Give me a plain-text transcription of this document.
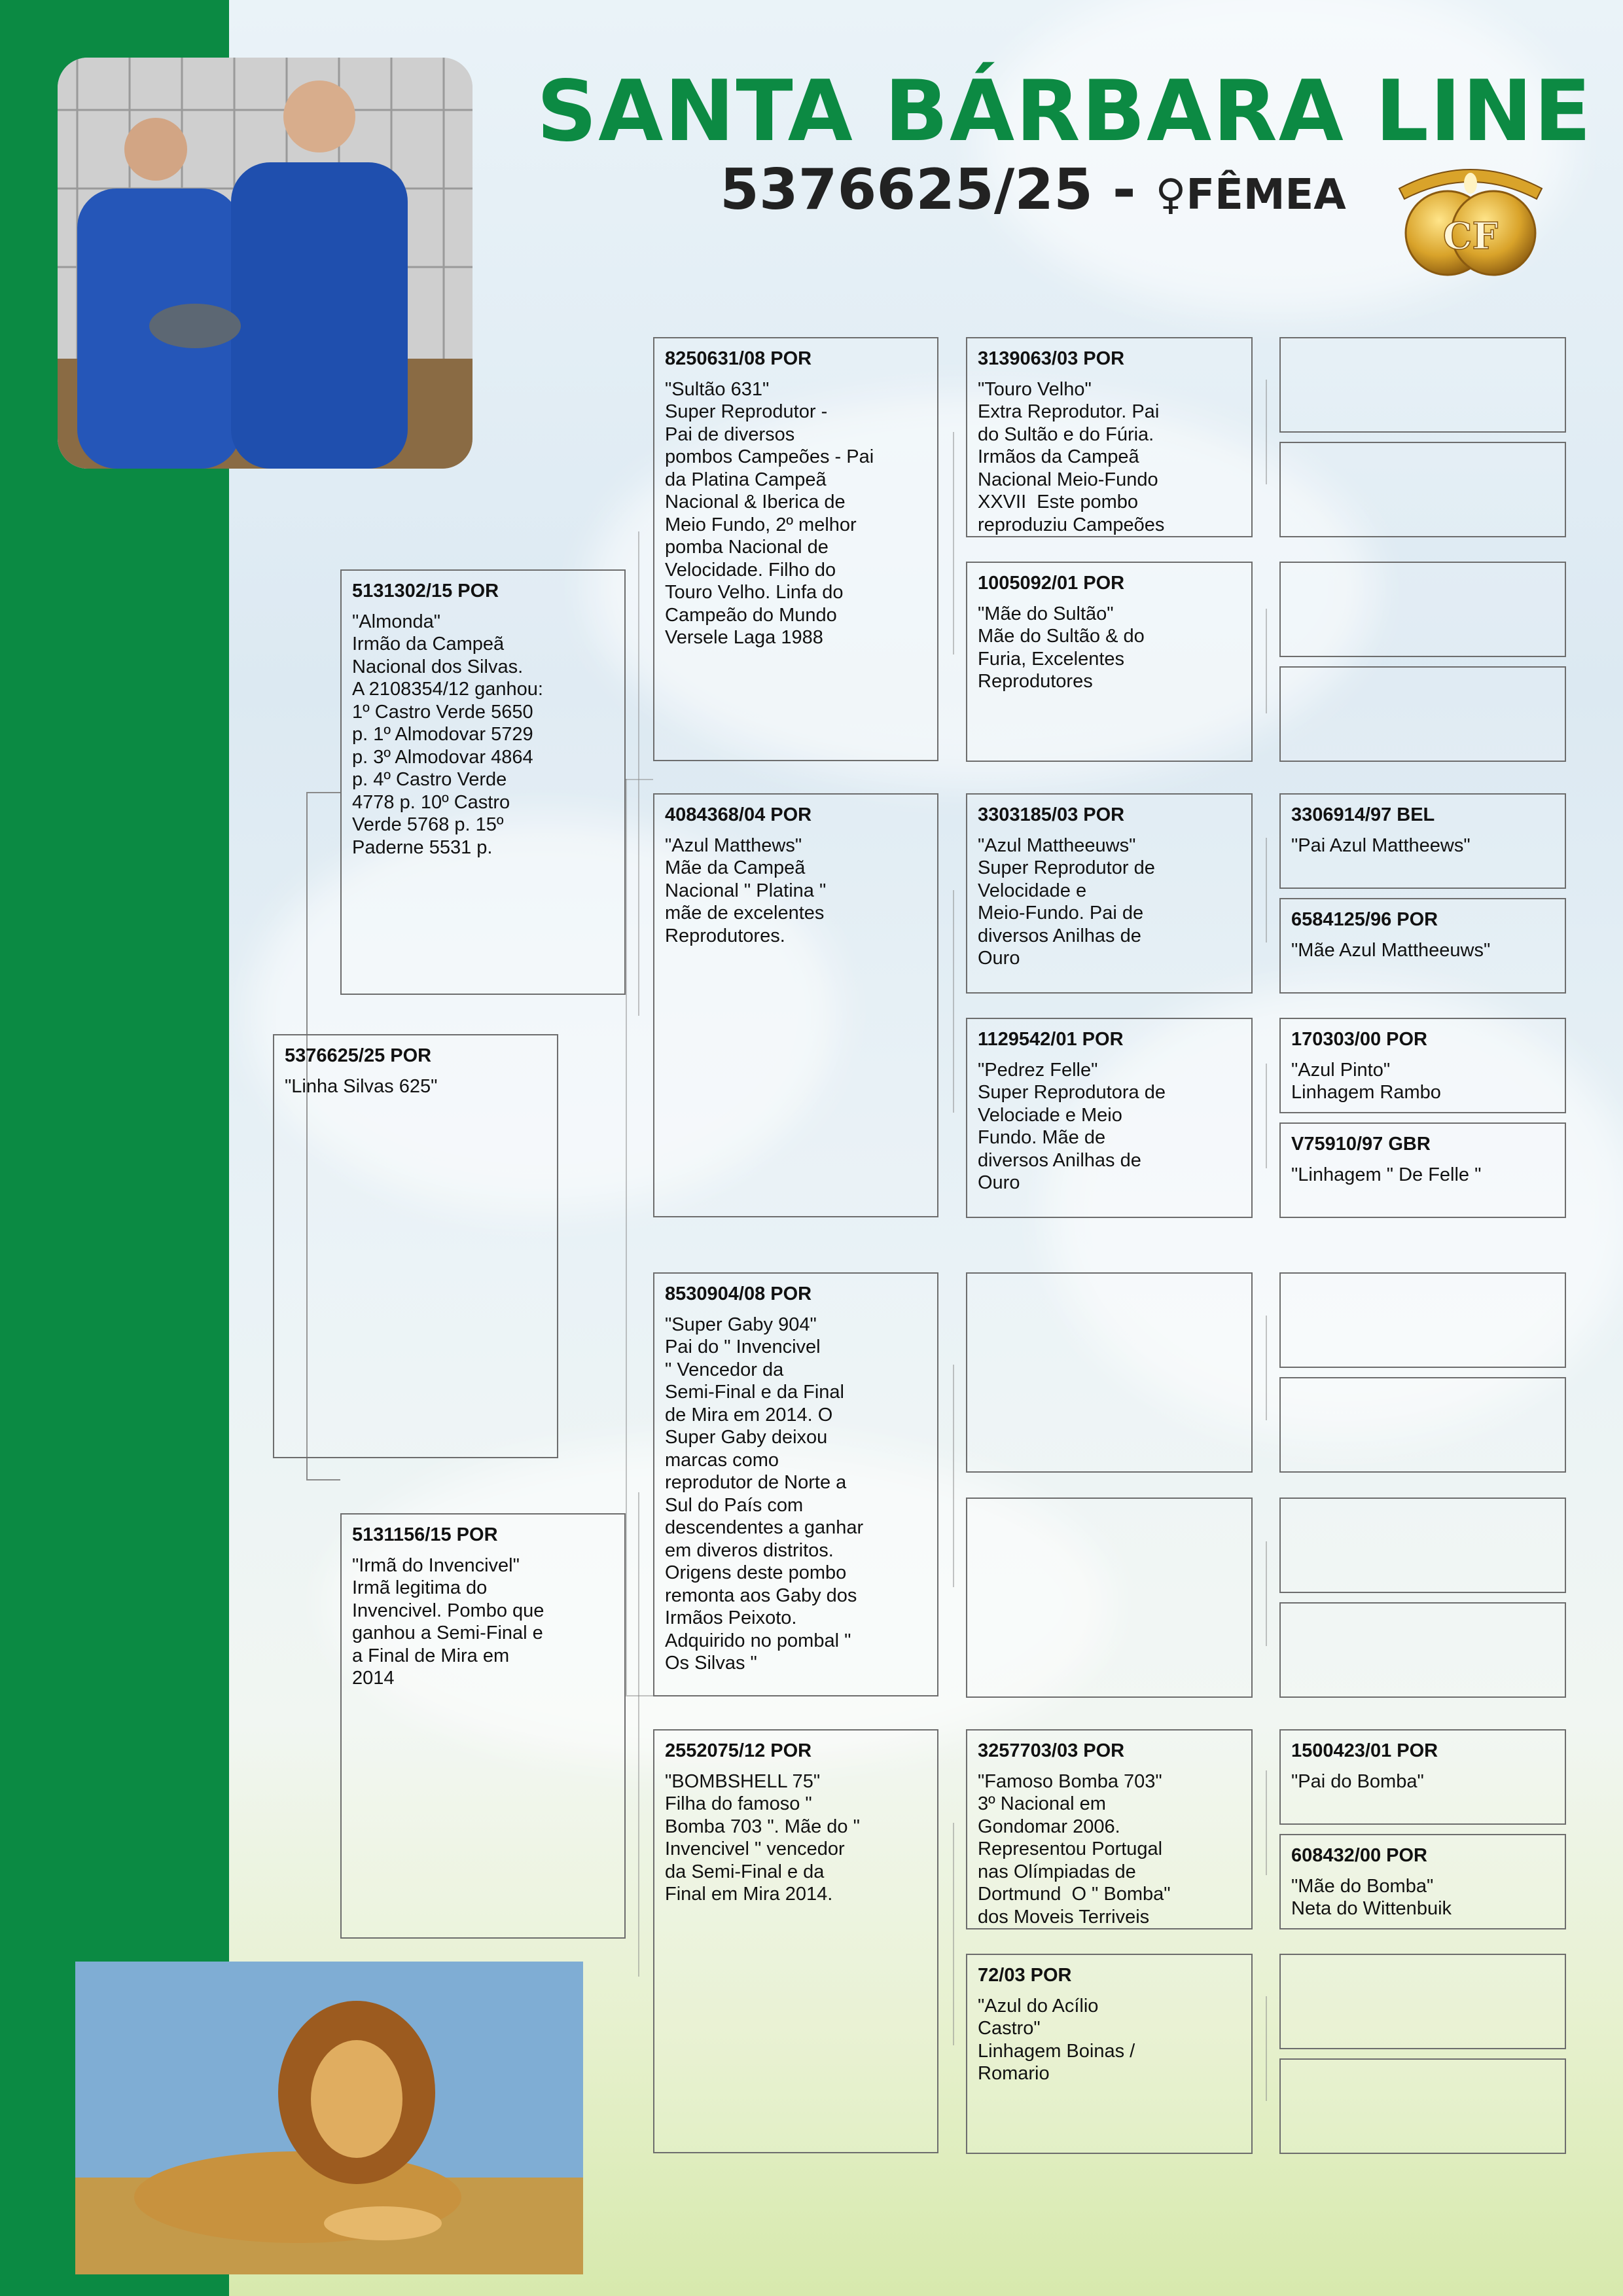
SANTA BÁRBARA LINE
5376625/25 - ♀FÊMEA
CF
5376625/25 POR
"Linha Silvas 625"
5131302/15 POR
"Almonda"
Irmão da Campeã
Nacional dos Silvas.
A 2108354/12 ganhou:
1º Castro Verde 5650
p. 1º Almodovar 5729
p. 3º Almodovar 4864
p. 4º Castro Verde
4778 p. 10º Castro
Verde 5768 p. 15º
Paderne 5531 p.
5131156/15 POR
"Irmã do Invencivel"
Irmã legitima do
Invencivel. Pombo que
ganhou a Semi-Final e
a Final de Mira em
2014
8250631/08 POR
"Sultão 631"
Super Reprodutor -
Pai de diversos
pombos Campeões - Pai
da Platina Campeã
Nacional & Iberica de
Meio Fundo, 2º melhor
pomba Nacional de
Velocidade. Filho do
Touro Velho. Linfa do
Campeão do Mundo
Versele Laga 1988
4084368/04 POR
"Azul Matthews"
Mãe da Campeã
Nacional " Platina "
mãe de excelentes
Reprodutores.
8530904/08 POR
"Super Gaby 904"
Pai do " Invencivel
" Vencedor da
Semi-Final e da Final
de Mira em 2014. O
Super Gaby deixou
marcas como
reprodutor de Norte a
Sul do País com
descendentes a ganhar
em diveros distritos.
Origens deste pombo
remonta aos Gaby dos
Irmãos Peixoto.
Adquirido no pombal "
Os Silvas "
2552075/12 POR
"BOMBSHELL 75"
Filha do famoso "
Bomba 703 ". Mãe do "
Invencivel " vencedor
da Semi-Final e da
Final em Mira 2014.
3139063/03 POR
"Touro Velho"
Extra Reprodutor. Pai
do Sultão e do Fúria.
Irmãos da Campeã
Nacional Meio-Fundo
XXVII  Este pombo
reproduziu Campeões
1005092/01 POR
"Mãe do Sultão"
Mãe do Sultão & do
Furia, Excelentes
Reprodutores
3303185/03 POR
"Azul Mattheeuws"
Super Reprodutor de
Velocidade e
Meio-Fundo. Pai de
diversos Anilhas de
Ouro
1129542/01 POR
"Pedrez Felle"
Super Reprodutora de
Velociade e Meio
Fundo. Mãe de
diversos Anilhas de
Ouro
3257703/03 POR
"Famoso Bomba 703"
3º Nacional em
Gondomar 2006.
Representou Portugal
nas Olímpiadas de
Dortmund  O " Bomba"
dos Moveis Terriveis
72/03 POR
"Azul do Acílio
Castro"
Linhagem Boinas /
Romario
3306914/97 BEL
"Pai Azul Mattheews"
6584125/96 POR
"Mãe Azul Mattheeuws"
170303/00 POR
"Azul Pinto"
Linhagem Rambo
V75910/97 GBR
"Linhagem " De Felle "
1500423/01 POR
"Pai do Bomba"
608432/00 POR
"Mãe do Bomba"
Neta do Wittenbuik
